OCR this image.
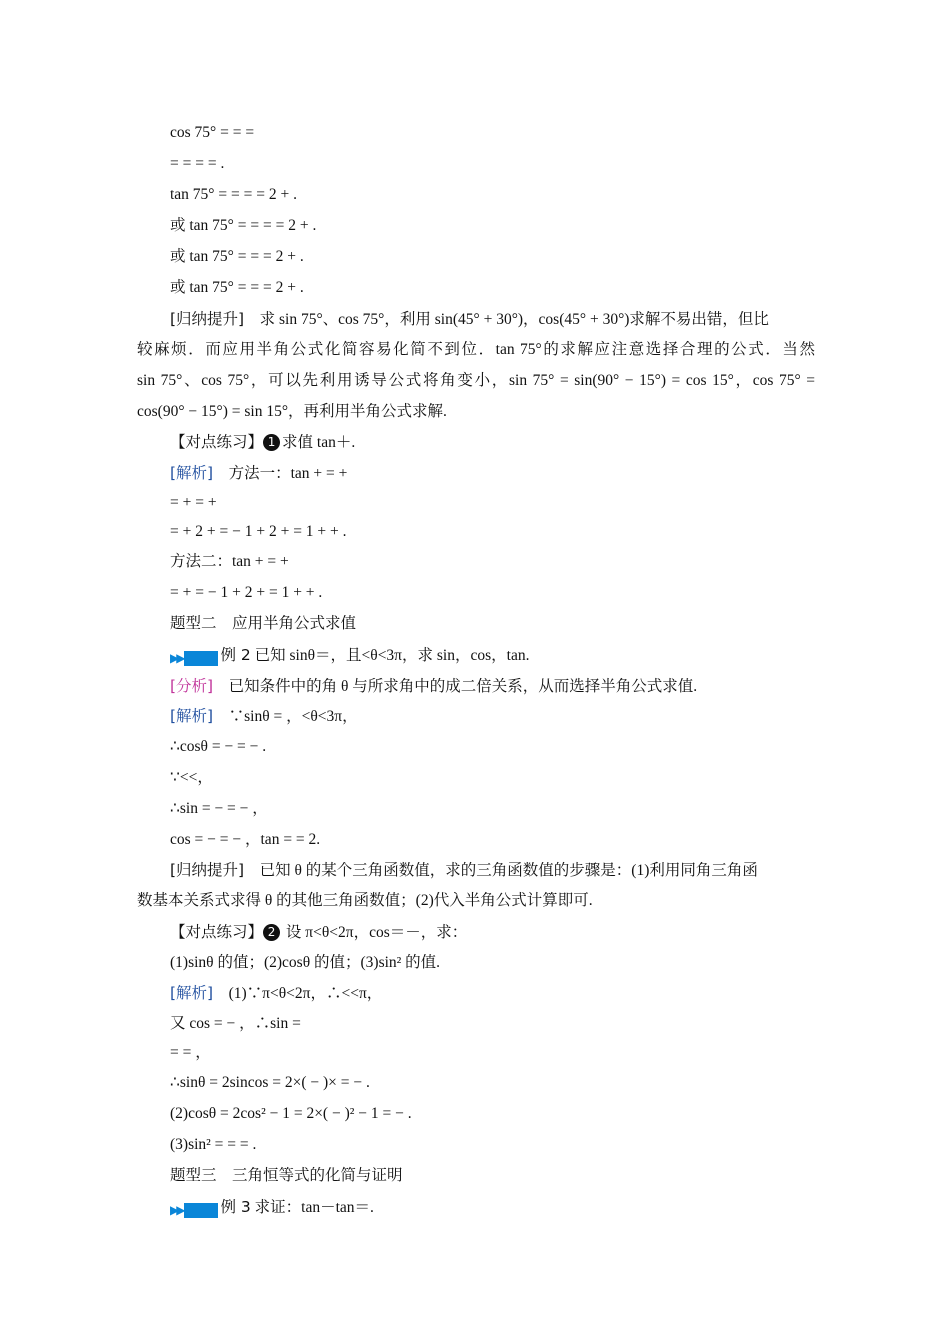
cos 75° = = =
= = = = .
tan 75° = = = = 2 + .
或 tan 75° = = = = 2 + .
或 tan 75° = = = 2 + .
或 tan 75° = = = 2 + .
[归纳提升]　求 sin 75°、cos 75°，利用 sin(45° + 30°)，cos(45° + 30°)求解不易出错，但比
较麻烦．而应用半角公式化简容易化简不到位．tan 75°的求解应注意选择合理的公式．当然
sin 75°、cos 75°，可以先利用诱导公式将角变小，sin 75° = sin(90° − 15°) = cos 15°，cos 75° =
cos(90° − 15°) = sin 15°，再利用半角公式求解.
【对点练习】 1 求值 tan＋.
[解析]　方法一：tan + = +
= + = +
= + 2 + = − 1 + 2 + = 1 + + .
方法二：tan + = +
= + = − 1 + 2 + = 1 + + .
题型二　应用半角公式求值
▶▶ 例 2 已知 sinθ＝，且<θ<3π，求 sin，cos，tan.
[分析]　已知条件中的角 θ 与所求角中的成二倍关系，从而选择半角公式求值.
[解析]　∵sinθ = ，<θ<3π，
∴cosθ = − = − .
∵<<，
∴sin = − = − ，
cos = − = − ，tan = = 2.
[归纳提升]　已知 θ 的某个三角函数值，求的三角函数值的步骤是：(1)利用同角三角函
数基本关系式求得 θ 的其他三角函数值；(2)代入半角公式计算即可.
【对点练习】 2 设 π<θ<2π，cos＝－，求：
(1)sinθ 的值；(2)cosθ 的值；(3)sin² 的值.
[解析]　(1)∵π<θ<2π，∴<<π，
又 cos = − ，∴sin =
= = ，
∴sinθ = 2sincos = 2×( − )× = − .
(2)cosθ = 2cos² − 1 = 2×( − )² − 1 = − .
(3)sin² = = = .
题型三　三角恒等式的化简与证明
▶▶ 例 3 求证：tan－tan＝.
